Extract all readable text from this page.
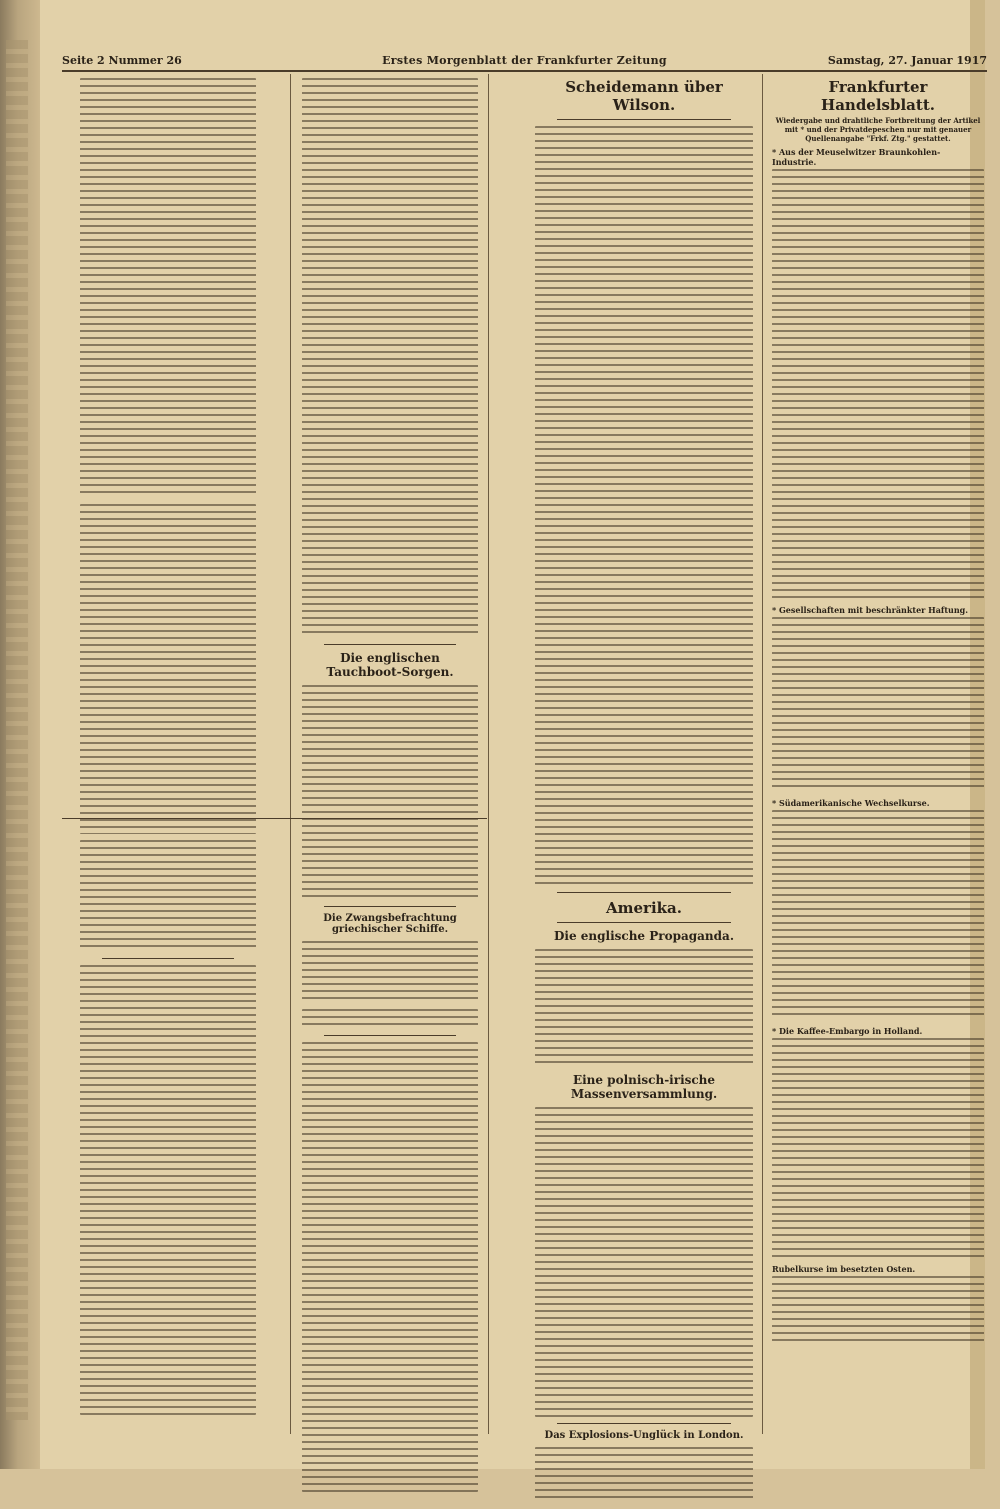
Seite 2 Nummer 26	Erstes Morgenblatt der Frankfurter Zeitung	Samstag, 27. Januar 1917

Die englischen Tauchboot-Sorgen.

Die Zwangsbefrachtung griechischer Schiffe.

Scheidemann über Wilson.

Amerika.

Die englische Propaganda.

Eine polnisch-irische Massenversammlung.

Das Explosions-Unglück in London.

Frankfurter Handelsblatt.

Wiedergabe und drahtliche Fortbreitung der Artikel mit * und der Privatdepeschen nur mit genauer Quellenangabe "Frkf. Ztg." gestattet.

* Aus der Meuselwitzer Braunkohlen-Industrie.

* Gesellschaften mit beschränkter Haftung.

* Südamerikanische Wechselkurse.

* Die Kaffee-Embargo in Holland.

Rubelkurse im besetzten Osten.
